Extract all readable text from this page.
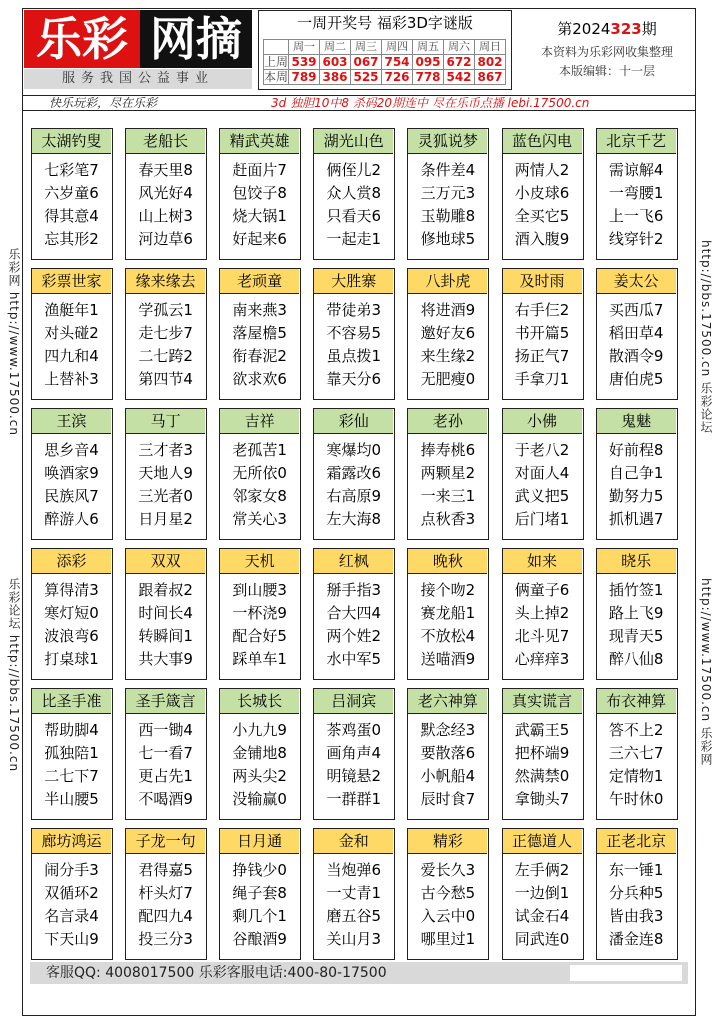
乐彩 网摘
服务我国公益事业
一周开奖号 福彩3D字谜版
	周一	周二	周三	周四	周五	周六	周日
上周	539	603	067	754	095	672	802
本周	789	386	525	726	778	542	867
第2024323期
本资料为乐彩网收集整理
本版编辑：十一层
快乐玩彩，尽在乐彩	3d 独胆10中8 杀码20期连中 尽在乐币点播 lebi.17500.cn
乐彩网 http://www.17500.cn
乐彩论坛 http://bbs.17500.cn
http://bbs.17500.cn 乐彩论坛
http://www.17500.cn 乐彩网
太湖钓叟
七彩笔7
六岁童6
得其意4
忘其形2
老船长
春天里8
风光好4
山上树3
河边草6
精武英雄
赶面片7
包饺子8
烧大锅1
好起来6
湖光山色
俩侄儿2
众人赏8
只看天6
一起走1
灵狐说梦
条件差4
三万元3
玉勒雕8
修地球5
蓝色闪电
两情人2
小皮球6
全买它5
酒入腹9
北京千艺
需谅解4
一弯腰1
上一飞6
线穿针2
彩票世家
渔艇年1
对头碰2
四九和4
上替补3
缘来缘去
学孤云1
走七步7
二七跨2
第四节4
老顽童
南来燕3
落屋檐5
衔春泥2
欲求欢6
大胜寨
带徒弟3
不容易5
虽点拨1
靠天分6
八卦虎
将进酒9
邀好友6
来生缘2
无肥瘦0
及时雨
右手仨2
书开篇5
扬正气7
手拿刀1
姜太公
买西瓜7
稻田草4
散酒令9
唐伯虎5
王滨
思乡音4
唤酒家9
民族风7
醉游人6
马丁
三才者3
天地人9
三光者0
日月星2
吉祥
老孤苦1
无所依0
邻家女8
常关心3
彩仙
寒爆均0
霜露改6
右高原9
左大海8
老孙
捧寿桃6
两颗星2
一来三1
点秋香3
小佛
于老八2
对面人4
武义把5
后门堵1
鬼魅
好前程8
自己争1
勤努力5
抓机遇7
添彩
算得清3
寒灯短0
波浪弯6
打桌球1
双双
跟着叔2
时间长4
转瞬间1
共大事9
天机
到山腰3
一杯浇9
配合好5
踩单车1
红枫
掰手指3
合大四4
两个姓2
水中军5
晚秋
接个吻2
赛龙船1
不放松4
送喵酒9
如来
俩童子6
头上掉2
北斗见7
心痒痒3
晓乐
插竹签1
路上飞9
现青天5
醉八仙8
比圣手准
帮助脚4
孤独陪1
二七下7
半山腰5
圣手箴言
西一锄4
七一看7
更占先1
不喝酒9
长城长
小九九9
金铺地8
两头尖2
没输赢0
吕洞宾
茶鸡蛋0
画角声4
明镜悬2
一群群1
老六神算
默念经3
要散落6
小帆船4
辰时食7
真实谎言
武霸王5
把杯端9
然满禁0
拿锄头7
布衣神算
答不上2
三六七7
定情物1
午时休0
廊坊鸿运
闹分手3
双循环2
名言录4
下天山9
子龙一句
君得嘉5
杆头灯7
配四九4
投三分3
日月通
挣钱少0
绳子套8
剩几个1
谷酿酒9
金和
当炮弹6
一丈青1
磨五谷5
关山月3
精彩
爱长久3
古今愁5
入云中0
哪里过1
正德道人
左手俩2
一边倒1
试金石4
同武连0
正老北京
东一锤1
分兵种5
皆由我3
潘金连8
客服QQ: 4008017500 乐彩客服电话:400-80-17500
